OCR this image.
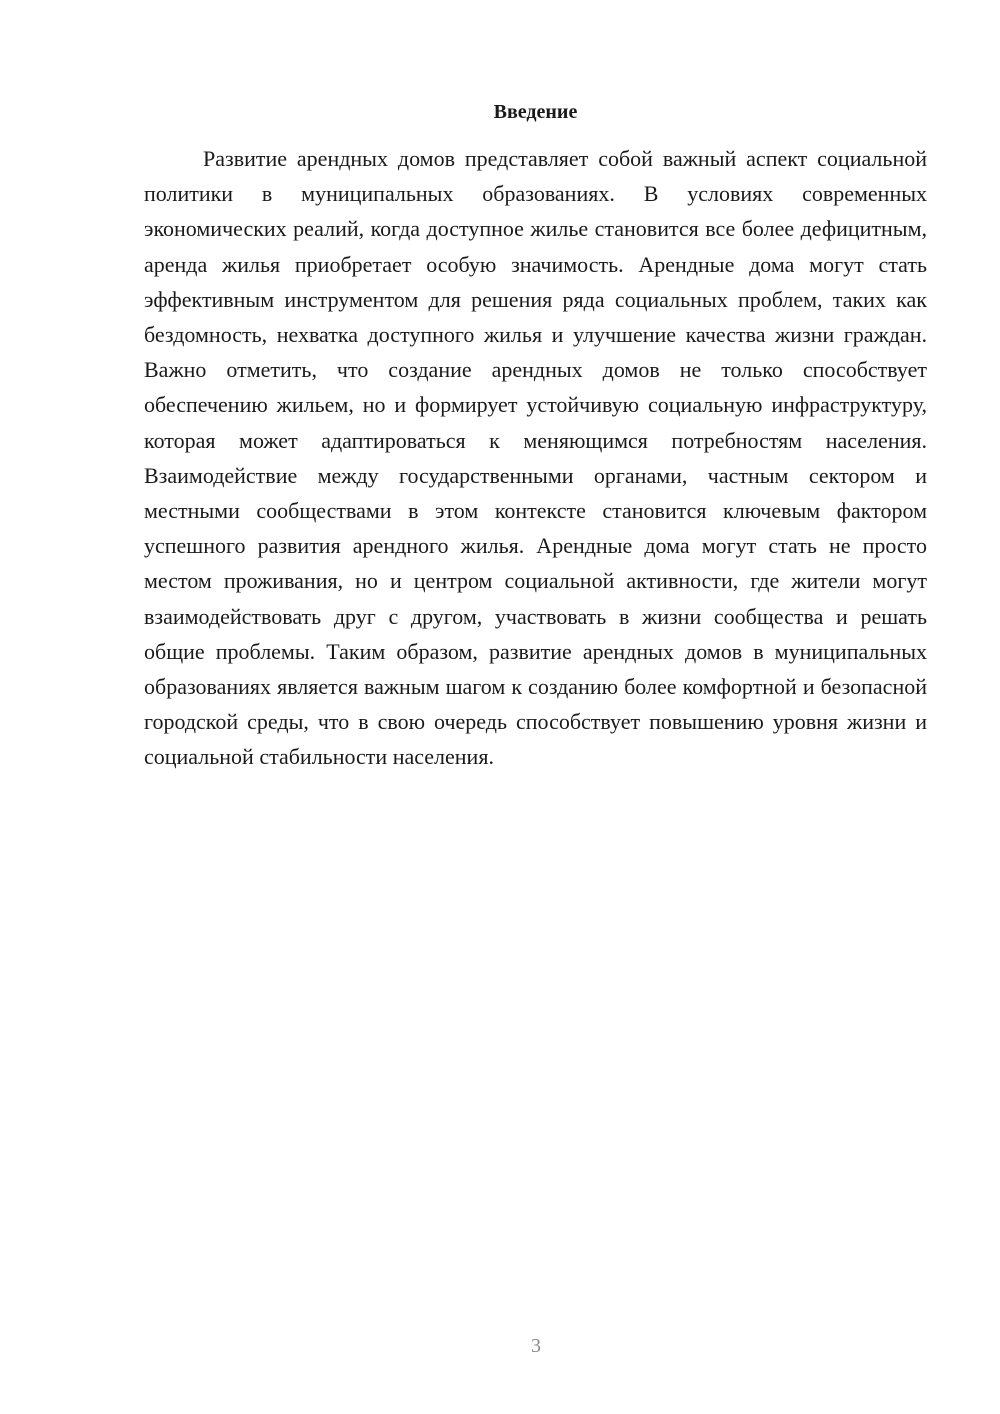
Введение

Развитие арендных домов представляет собой важный аспект социальной политики в муниципальных образованиях. В условиях современных экономических реалий, когда доступное жилье становится все более дефицитным, аренда жилья приобретает особую значимость. Арендные дома могут стать эффективным инструментом для решения ряда социальных проблем, таких как бездомность, нехватка доступного жилья и улучшение качества жизни граждан. Важно отметить, что создание арендных домов не только способствует обеспечению жильем, но и формирует устойчивую социальную инфраструктуру, которая может адаптироваться к меняющимся потребностям населения. Взаимодействие между государственными органами, частным сектором и местными сообществами в этом контексте становится ключевым фактором успешного развития арендного жилья. Арендные дома могут стать не просто местом проживания, но и центром социальной активности, где жители могут взаимодействовать друг с другом, участвовать в жизни сообщества и решать общие проблемы. Таким образом, развитие арендных домов в муниципальных образованиях является важным шагом к созданию более комфортной и безопасной городской среды, что в свою очередь способствует повышению уровня жизни и социальной стабильности населения.

3
